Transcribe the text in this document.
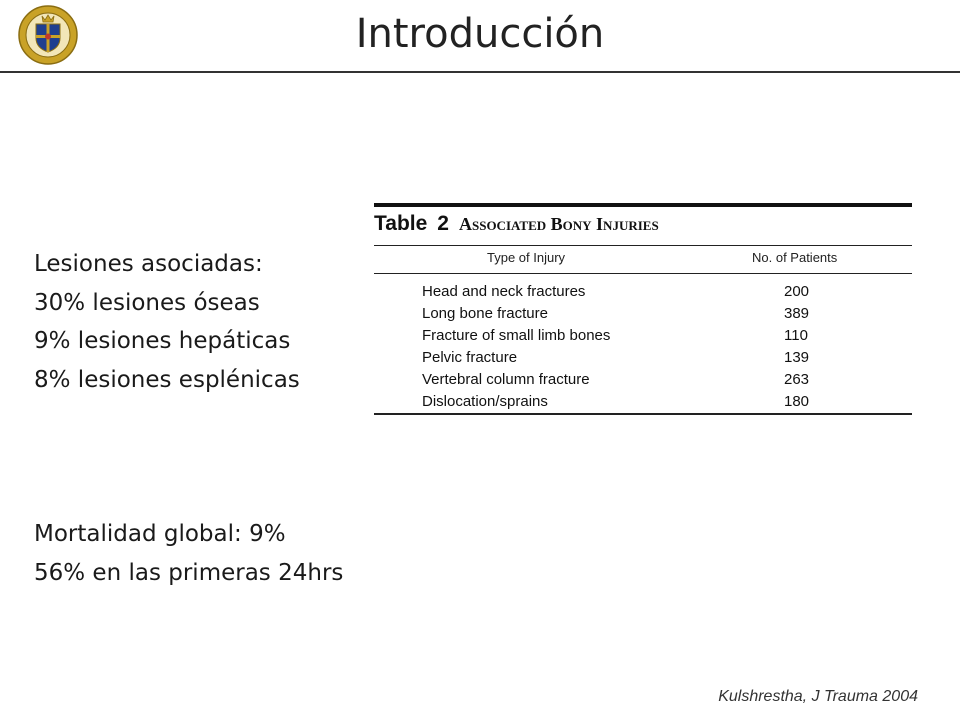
Introducción
Lesiones asociadas:
30% lesiones óseas
9% lesiones hepáticas
8% lesiones esplénicas
Table 2 Associated Bony Injuries
Type of Injury	No. of Patients
Head and neck fractures	200
Long bone fracture	389
Fracture of small limb bones	110
Pelvic fracture	139
Vertebral column fracture	263
Dislocation/sprains	180
Mortalidad global: 9%
56% en las primeras 24hrs
Kulshrestha, J Trauma 2004
